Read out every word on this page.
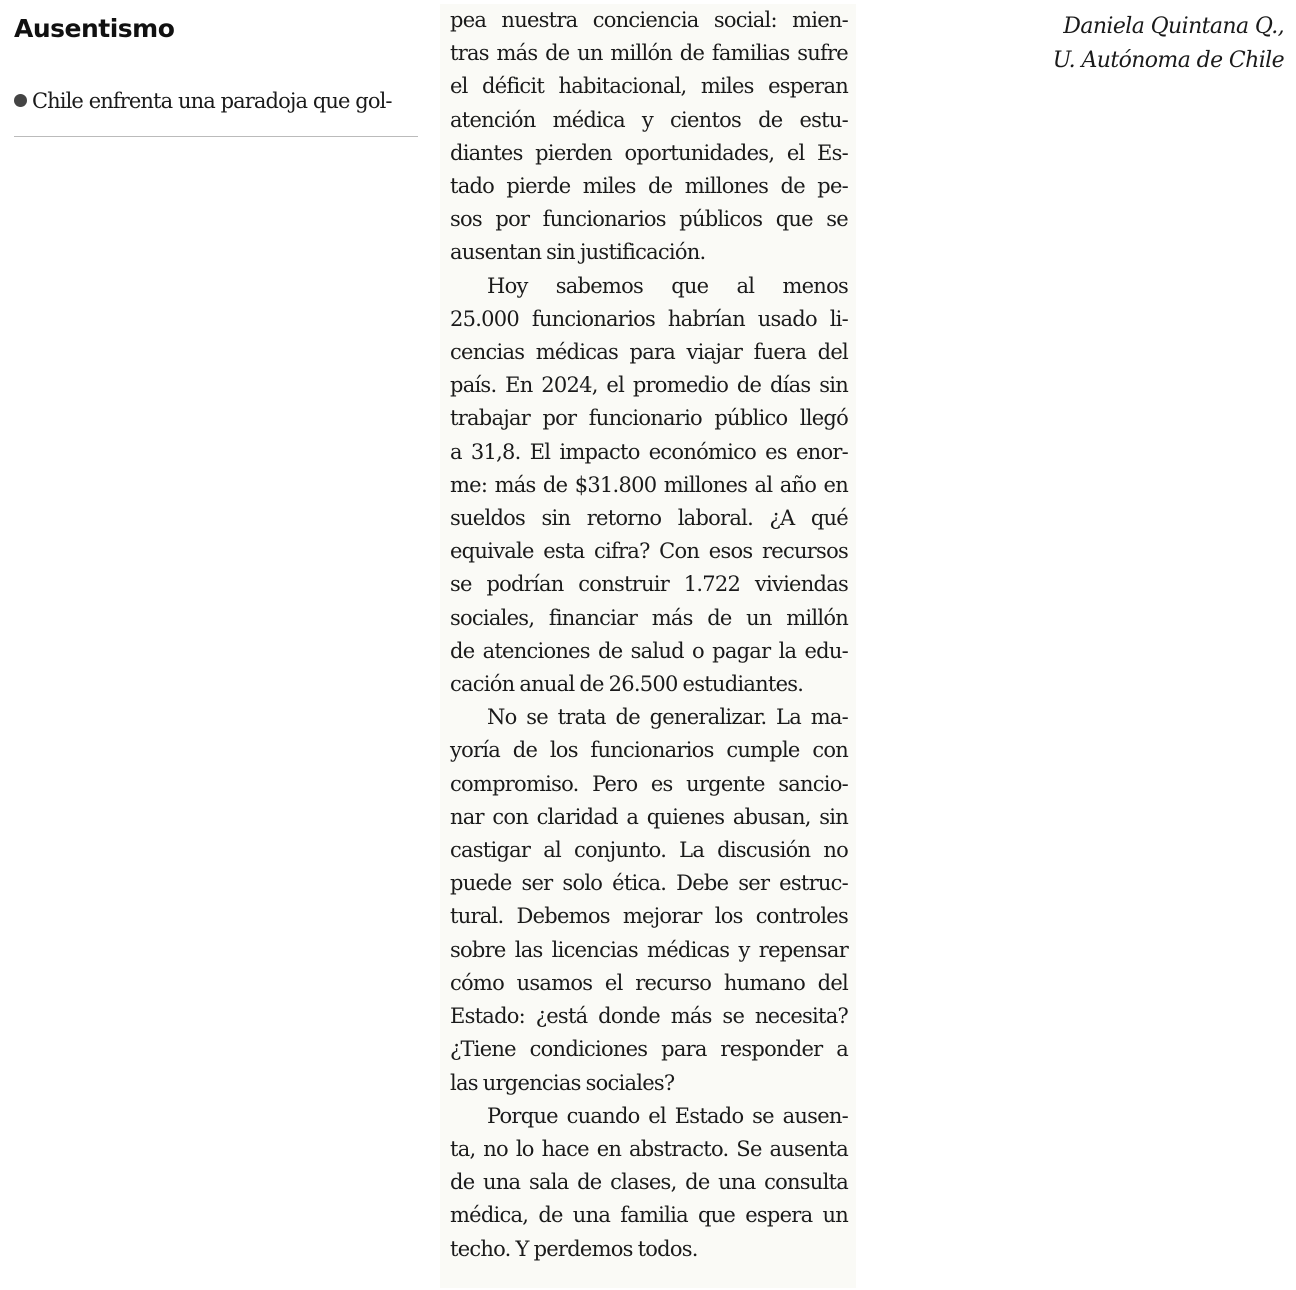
Ausentismo
Chile enfrenta una paradoja que gol-

pea nuestra conciencia social: mien-
tras más de un millón de familias sufre
el déficit habitacional, miles esperan
atención médica y cientos de estu-
diantes pierden oportunidades, el Es-
tado pierde miles de millones de pe-
sos por funcionarios públicos que se
ausentan sin justificación.

Hoy sabemos que al menos
25.000 funcionarios habrían usado li-
cencias médicas para viajar fuera del
país. En 2024, el promedio de días sin
trabajar por funcionario público llegó
a 31,8. El impacto económico es enor-
me: más de $31.800 millones al año en
sueldos sin retorno laboral. ¿A qué
equivale esta cifra? Con esos recursos
se podrían construir 1.722 viviendas
sociales, financiar más de un millón
de atenciones de salud o pagar la edu-
cación anual de 26.500 estudiantes.

No se trata de generalizar. La ma-
yoría de los funcionarios cumple con
compromiso. Pero es urgente sancio-
nar con claridad a quienes abusan, sin
castigar al conjunto. La discusión no
puede ser solo ética. Debe ser estruc-
tural. Debemos mejorar los controles
sobre las licencias médicas y repensar
cómo usamos el recurso humano del
Estado: ¿está donde más se necesita?
¿Tiene condiciones para responder a
las urgencias sociales?

Porque cuando el Estado se ausen-
ta, no lo hace en abstracto. Se ausenta
de una sala de clases, de una consulta
médica, de una familia que espera un
techo. Y perdemos todos.

Daniela Quintana Q.,
U. Autónoma de Chile
